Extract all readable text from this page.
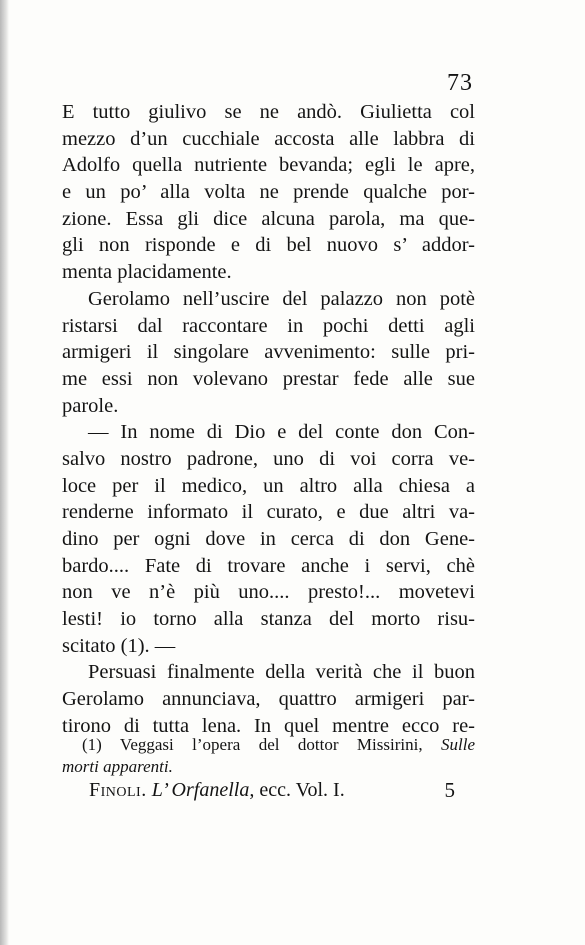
73
E tutto giulivo se ne andò. Giulietta col
mezzo d’un cucchiale accosta alle labbra di
Adolfo quella nutriente bevanda; egli le apre,
e un po’ alla volta ne prende qualche por-
zione. Essa gli dice alcuna parola, ma que-
gli non risponde e di bel nuovo s’ addor-
menta placidamente.
Gerolamo nell’uscire del palazzo non potè
ristarsi dal raccontare in pochi detti agli
armigeri il singolare avvenimento: sulle pri-
me essi non volevano prestar fede alle sue
parole.
— In nome di Dio e del conte don Con-
salvo nostro padrone, uno di voi corra ve-
loce per il medico, un altro alla chiesa a
renderne informato il curato, e due altri va-
dino per ogni dove in cerca di don Gene-
bardo.... Fate di trovare anche i servi, chè
non ve n’è più uno.... presto!... movetevi
lesti! io torno alla stanza del morto risu-
scitato (1). —
Persuasi finalmente della verità che il buon
Gerolamo annunciava, quattro armigeri par-
tirono di tutta lena. In quel mentre ecco re-
(1) Veggasi l’opera del dottor Missirini, Sulle
morti apparenti.
Finoli. L’ Orfanella, ecc. Vol. I.	5
